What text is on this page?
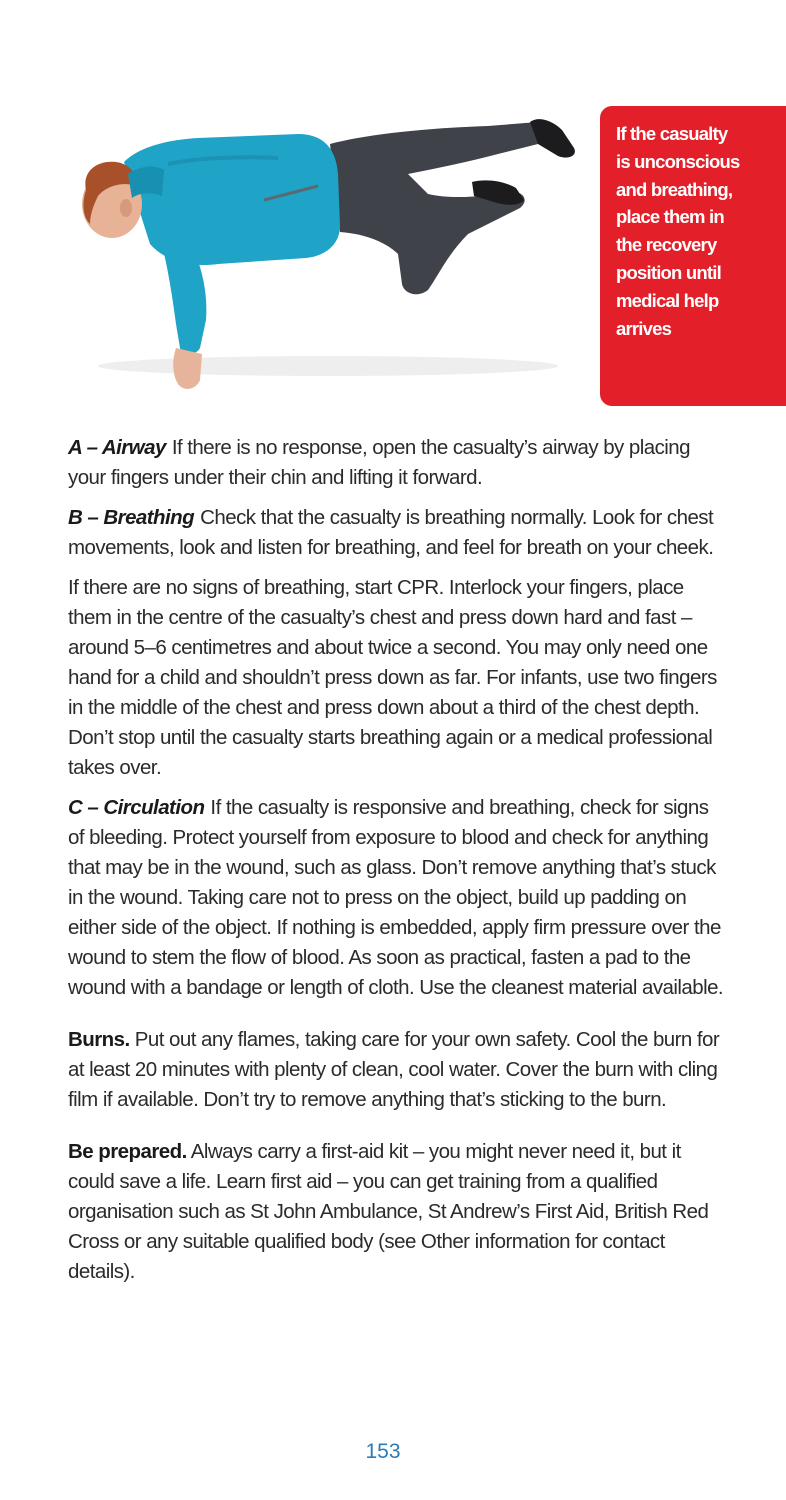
If the casualty is unconscious and breathing, place them in the recovery position until medical help arrives

A – Airway If there is no response, open the casualty’s airway by placing your fingers under their chin and lifting it forward.

B – Breathing Check that the casualty is breathing normally. Look for chest movements, look and listen for breathing, and feel for breath on your cheek.

If there are no signs of breathing, start CPR. Interlock your fingers, place them in the centre of the casualty’s chest and press down hard and fast – around 5–6 centimetres and about twice a second. You may only need one hand for a child and shouldn’t press down as far. For infants, use two fingers in the middle of the chest and press down about a third of the chest depth. Don’t stop until the casualty starts breathing again or a medical professional takes over.

C – Circulation If the casualty is responsive and breathing, check for signs of bleeding. Protect yourself from exposure to blood and check for anything that may be in the wound, such as glass. Don’t remove anything that’s stuck in the wound. Taking care not to press on the object, build up padding on either side of the object. If nothing is embedded, apply firm pressure over the wound to stem the flow of blood. As soon as practical, fasten a pad to the wound with a bandage or length of cloth. Use the cleanest material available.

Burns. Put out any flames, taking care for your own safety. Cool the burn for at least 20 minutes with plenty of clean, cool water. Cover the burn with cling film if available. Don’t try to remove anything that’s sticking to the burn.

Be prepared. Always carry a first-aid kit – you might never need it, but it could save a life. Learn first aid – you can get training from a qualified organisation such as St John Ambulance, St Andrew’s First Aid, British Red Cross or any suitable qualified body (see Other information for contact details).

153
